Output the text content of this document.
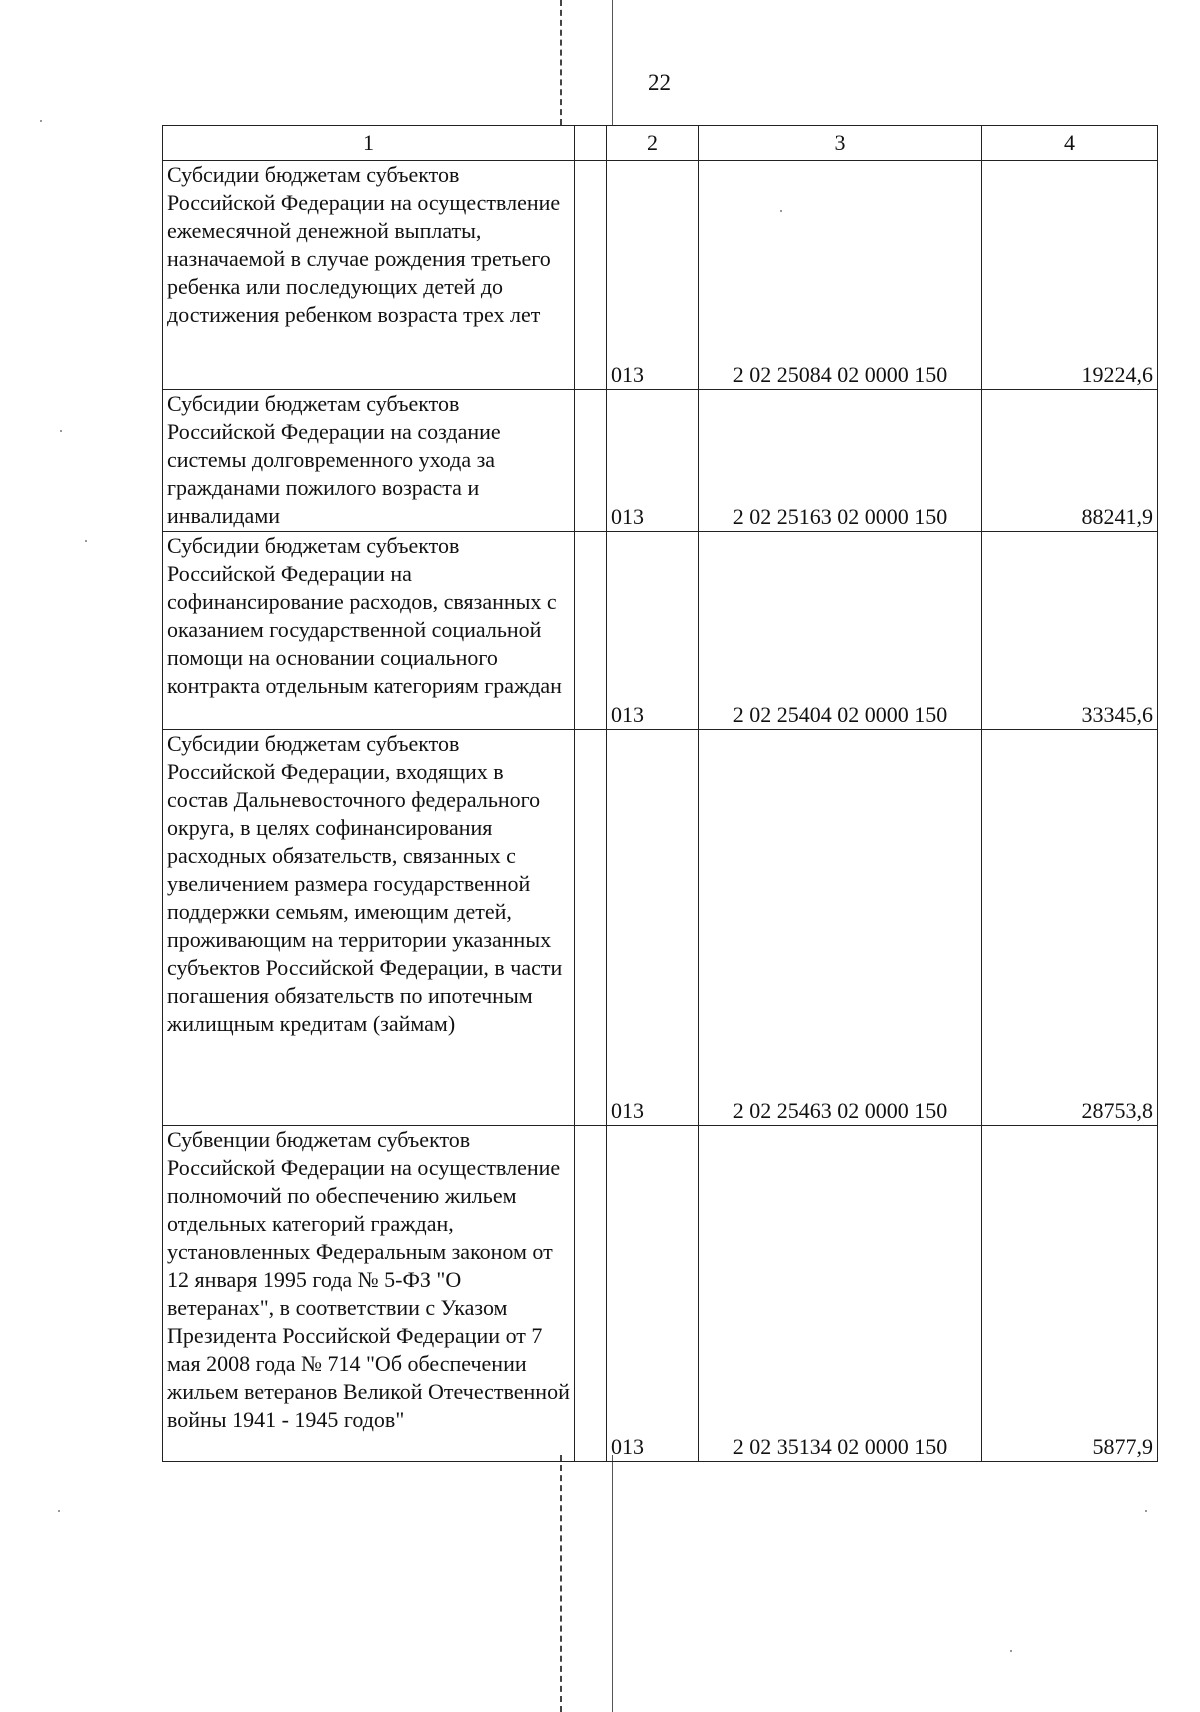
22
1		2	3	4
Субсидии бюджетам субъектов Российской Федерации на осуществление ежемесячной денежной выплаты, назначаемой в случае рождения третьего ребенка или последующих детей до достижения ребенком возраста трех лет		013	2 02 25084 02 0000 150	19224,6
Субсидии бюджетам субъектов Российской Федерации на создание системы долговременного ухода за гражданами пожилого возраста и инвалидами		013	2 02 25163 02 0000 150	88241,9
Субсидии бюджетам субъектов Российской Федерации на софинансирование расходов, связанных с оказанием государственной социальной помощи на основании социального контракта отдельным категориям граждан		013	2 02 25404 02 0000 150	33345,6
Субсидии бюджетам субъектов Российской Федерации, входящих в состав Дальневосточного федерального округа, в целях софинансирования расходных обязательств, связанных с увеличением размера государственной поддержки семьям, имеющим детей, проживающим на территории указанных субъектов Российской Федерации, в части погашения обязательств по ипотечным жилищным кредитам (займам)		013	2 02 25463 02 0000 150	28753,8
Субвенции бюджетам субъектов Российской Федерации на осуществление полномочий по обеспечению жильем отдельных категорий граждан, установленных Федеральным законом от 12 января 1995 года № 5-ФЗ "О ветеранах", в соответствии с Указом Президента Российской Федерации от 7 мая 2008 года № 714 "Об обеспечении жильем ветеранов Великой Отечественной войны 1941 - 1945 годов"		013	2 02 35134 02 0000 150	5877,9
